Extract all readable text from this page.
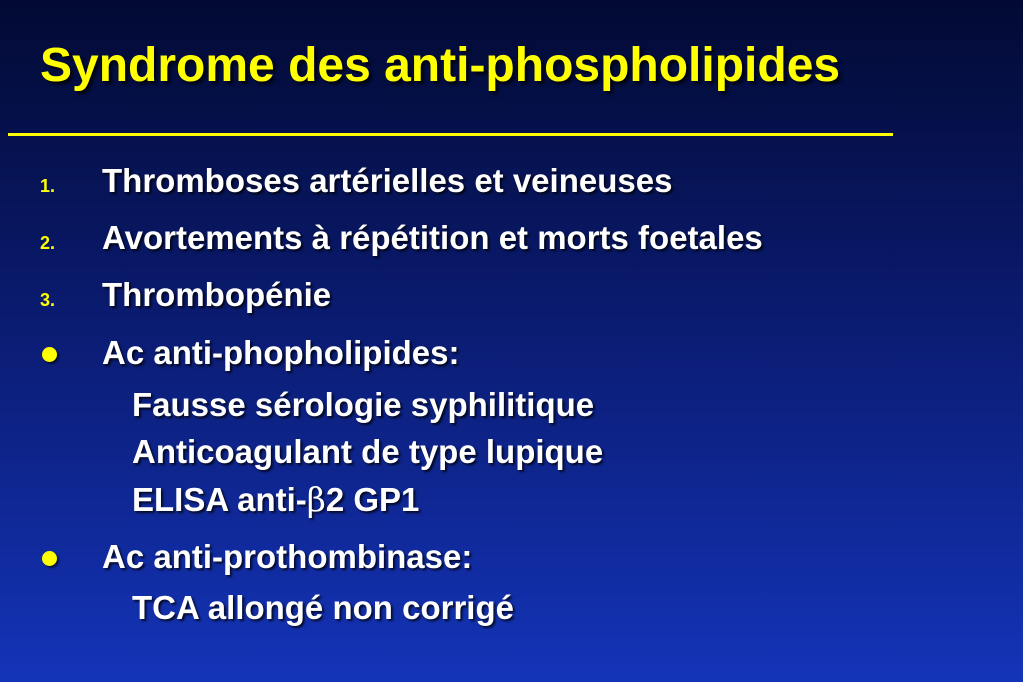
Syndrome des anti-phospholipides
1. Thromboses artérielles et veineuses
2. Avortements à répétition et morts foetales
3. Thrombopénie
Ac anti-phopholipides:
Fausse sérologie syphilitique
Anticoagulant de type lupique
ELISA anti-β2 GP1
Ac anti-prothombinase:
TCA allongé non corrigé
